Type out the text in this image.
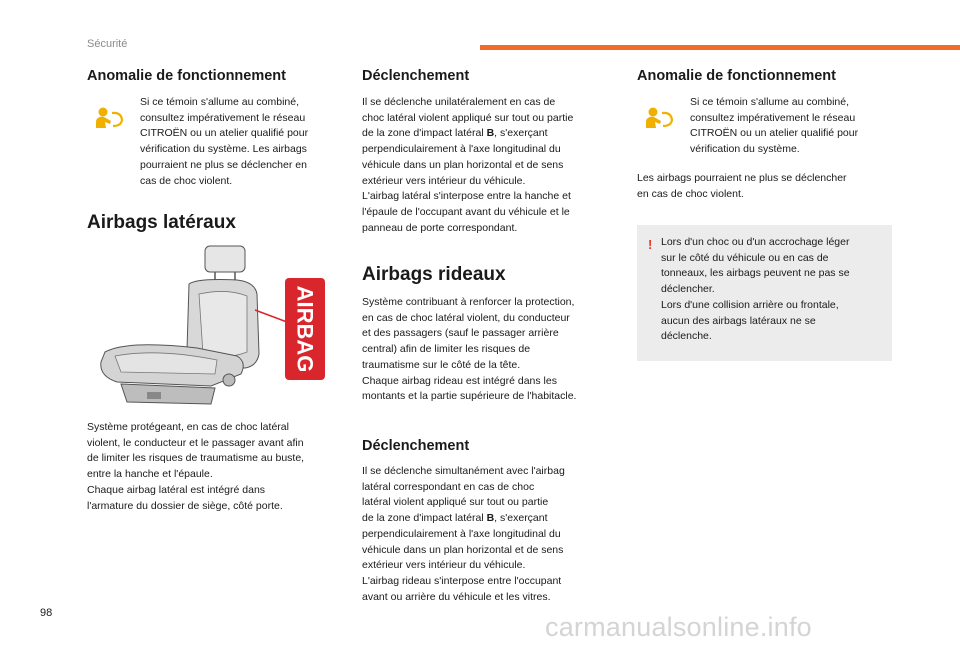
Sécurité
98	carmanualsonline.info
Anomalie de fonctionnement

Si ce témoin s'allume au combiné,
consultez impérativement le réseau
CITROËN ou un atelier qualifié pour
vérification du système. Les airbags
pourraient ne plus se déclencher en
cas de choc violent.

Airbags latéraux
AIRBAG

Système protégeant, en cas de choc latéral
violent, le conducteur et le passager avant afin
de limiter les risques de traumatisme au buste,
entre la hanche et l'épaule.
Chaque airbag latéral est intégré dans
l'armature du dossier de siège, côté porte.

Déclenchement

Il se déclenche unilatéralement en cas de
choc latéral violent appliqué sur tout ou partie
de la zone d'impact latéral B, s'exerçant
perpendiculairement à l'axe longitudinal du
véhicule dans un plan horizontal et de sens
extérieur vers intérieur du véhicule.
L'airbag latéral s'interpose entre la hanche et
l'épaule de l'occupant avant du véhicule et le
panneau de porte correspondant.

Airbags rideaux

Système contribuant à renforcer la protection,
en cas de choc latéral violent, du conducteur
et des passagers (sauf le passager arrière
central) afin de limiter les risques de
traumatisme sur le côté de la tête.
Chaque airbag rideau est intégré dans les
montants et la partie supérieure de l'habitacle.

Déclenchement

Il se déclenche simultanément avec l'airbag
latéral correspondant en cas de choc
latéral violent appliqué sur tout ou partie
de la zone d'impact latéral B, s'exerçant
perpendiculairement à l'axe longitudinal du
véhicule dans un plan horizontal et de sens
extérieur vers intérieur du véhicule.
L'airbag rideau s'interpose entre l'occupant
avant ou arrière du véhicule et les vitres.

Anomalie de fonctionnement

Si ce témoin s'allume au combiné,
consultez impérativement le réseau
CITROËN ou un atelier qualifié pour
vérification du système.

Les airbags pourraient ne plus se déclencher
en cas de choc violent.

! Lors d'un choc ou d'un accrochage léger
sur le côté du véhicule ou en cas de
tonneaux, les airbags peuvent ne pas se
déclencher.
Lors d'une collision arrière ou frontale,
aucun des airbags latéraux ne se
déclenche.
